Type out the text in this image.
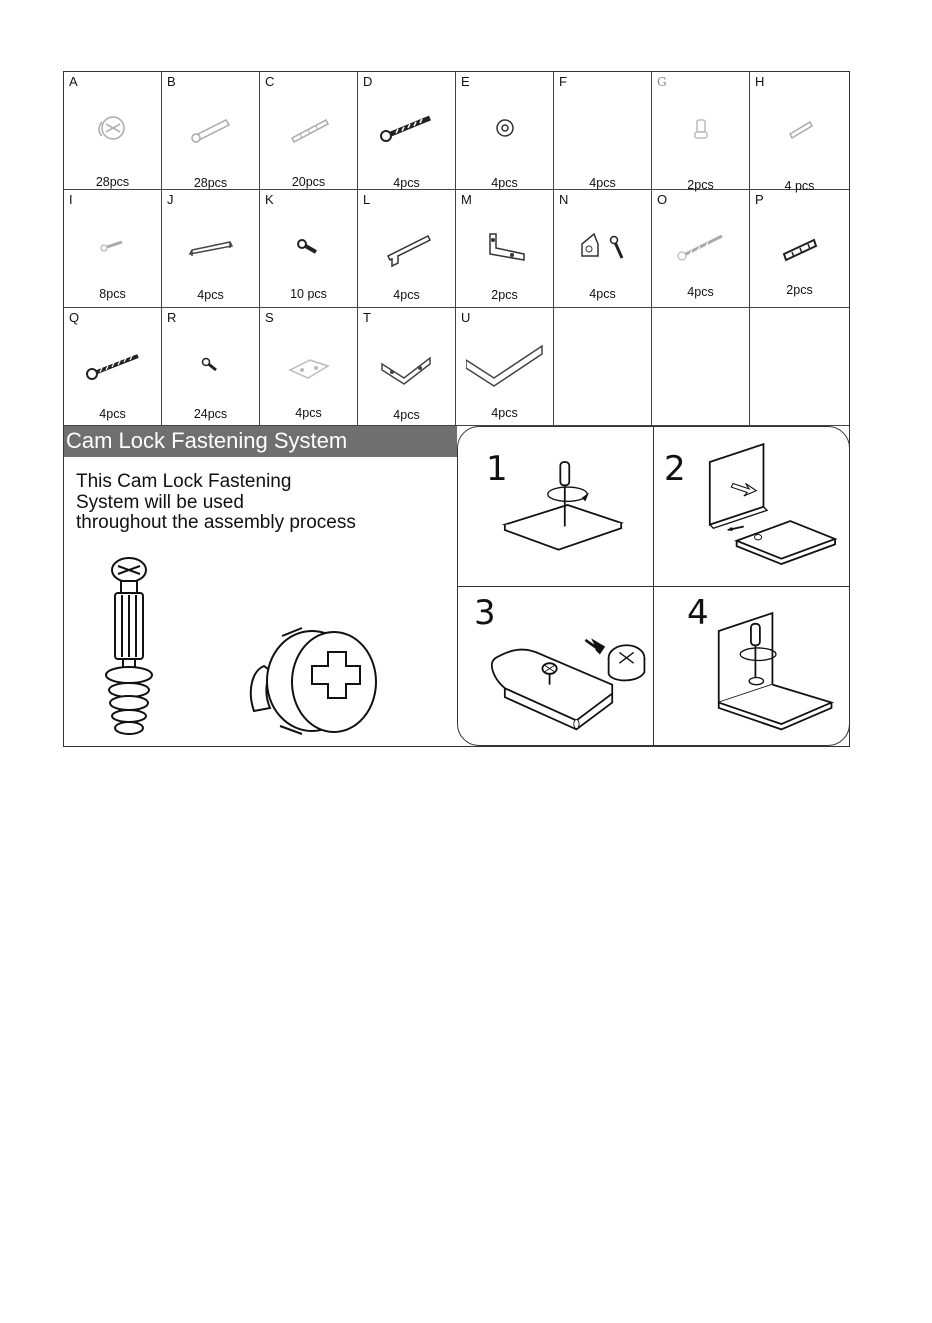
A
28pcs
B
28pcs
C
20pcs
D
4pcs
E
4pcs
F
4pcs
G
2pcs
H
4 pcs
I
8pcs
J
4pcs
K
10 pcs
L
4pcs
M
2pcs
N
4pcs
O
4pcs
P
2pcs
Q
4pcs
R
24pcs
S
4pcs
T
4pcs
U
4pcs
Cam Lock Fastening System

This Cam Lock Fastening
System will be used
throughout the assembly process

1	2
3	4
